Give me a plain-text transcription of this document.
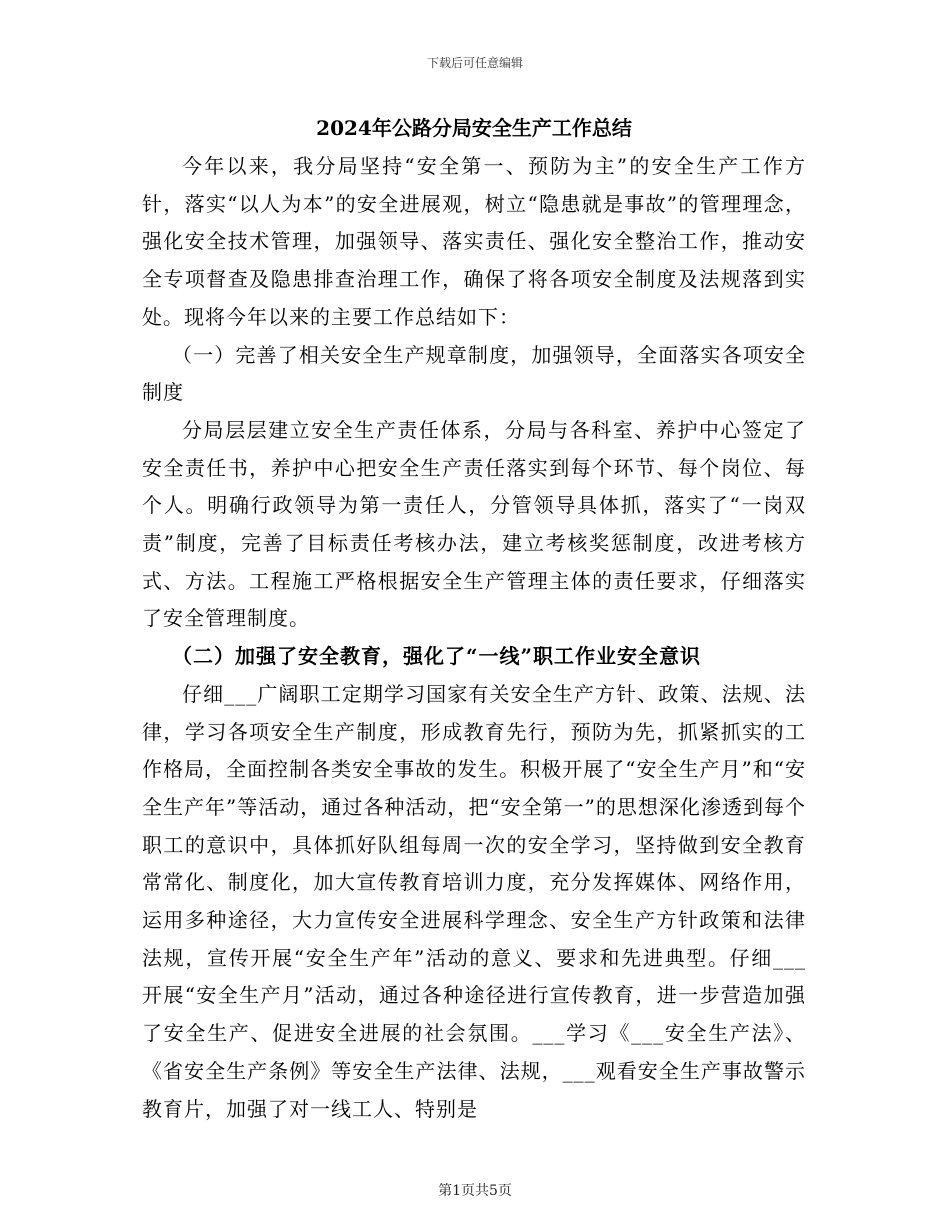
下载后可任意编辑
2024年公路分局安全生产工作总结

今年以来，我分局坚持“安全第一、预防为主”的安全生产工作方针，落实“以人为本”的安全进展观，树立“隐患就是事故”的管理理念，强化安全技术管理，加强领导、落实责任、强化安全整治工作，推动安全专项督查及隐患排查治理工作，确保了将各项安全制度及法规落到实处。现将今年以来的主要工作总结如下：

（一）完善了相关安全生产规章制度，加强领导，全面落实各项安全制度

分局层层建立安全生产责任体系，分局与各科室、养护中心签定了安全责任书，养护中心把安全生产责任落实到每个环节、每个岗位、每个人。明确行政领导为第一责任人，分管领导具体抓，落实了“一岗双责”制度，完善了目标责任考核办法，建立考核奖惩制度，改进考核方式、方法。工程施工严格根据安全生产管理主体的责任要求，仔细落实了安全管理制度。

（二）加强了安全教育，强化了“一线”职工作业安全意识

仔细___广阔职工定期学习国家有关安全生产方针、政策、法规、法律，学习各项安全生产制度，形成教育先行，预防为先，抓紧抓实的工作格局，全面控制各类安全事故的发生。积极开展了“安全生产月”和“安全生产年”等活动，通过各种活动，把“安全第一”的思想深化渗透到每个职工的意识中，具体抓好队组每周一次的安全学习，坚持做到安全教育常常化、制度化，加大宣传教育培训力度，充分发挥媒体、网络作用，运用多种途径，大力宣传安全进展科学理念、安全生产方针政策和法律法规，宣传开展“安全生产年”活动的意义、要求和先进典型。仔细___开展“安全生产月”活动，通过各种途径进行宣传教育，进一步营造加强了安全生产、促进安全进展的社会氛围。___学习《___安全生产法》、《省安全生产条例》等安全生产法律、法规，___观看安全生产事故警示教育片，加强了对一线工人、特别是

第1页共5页
